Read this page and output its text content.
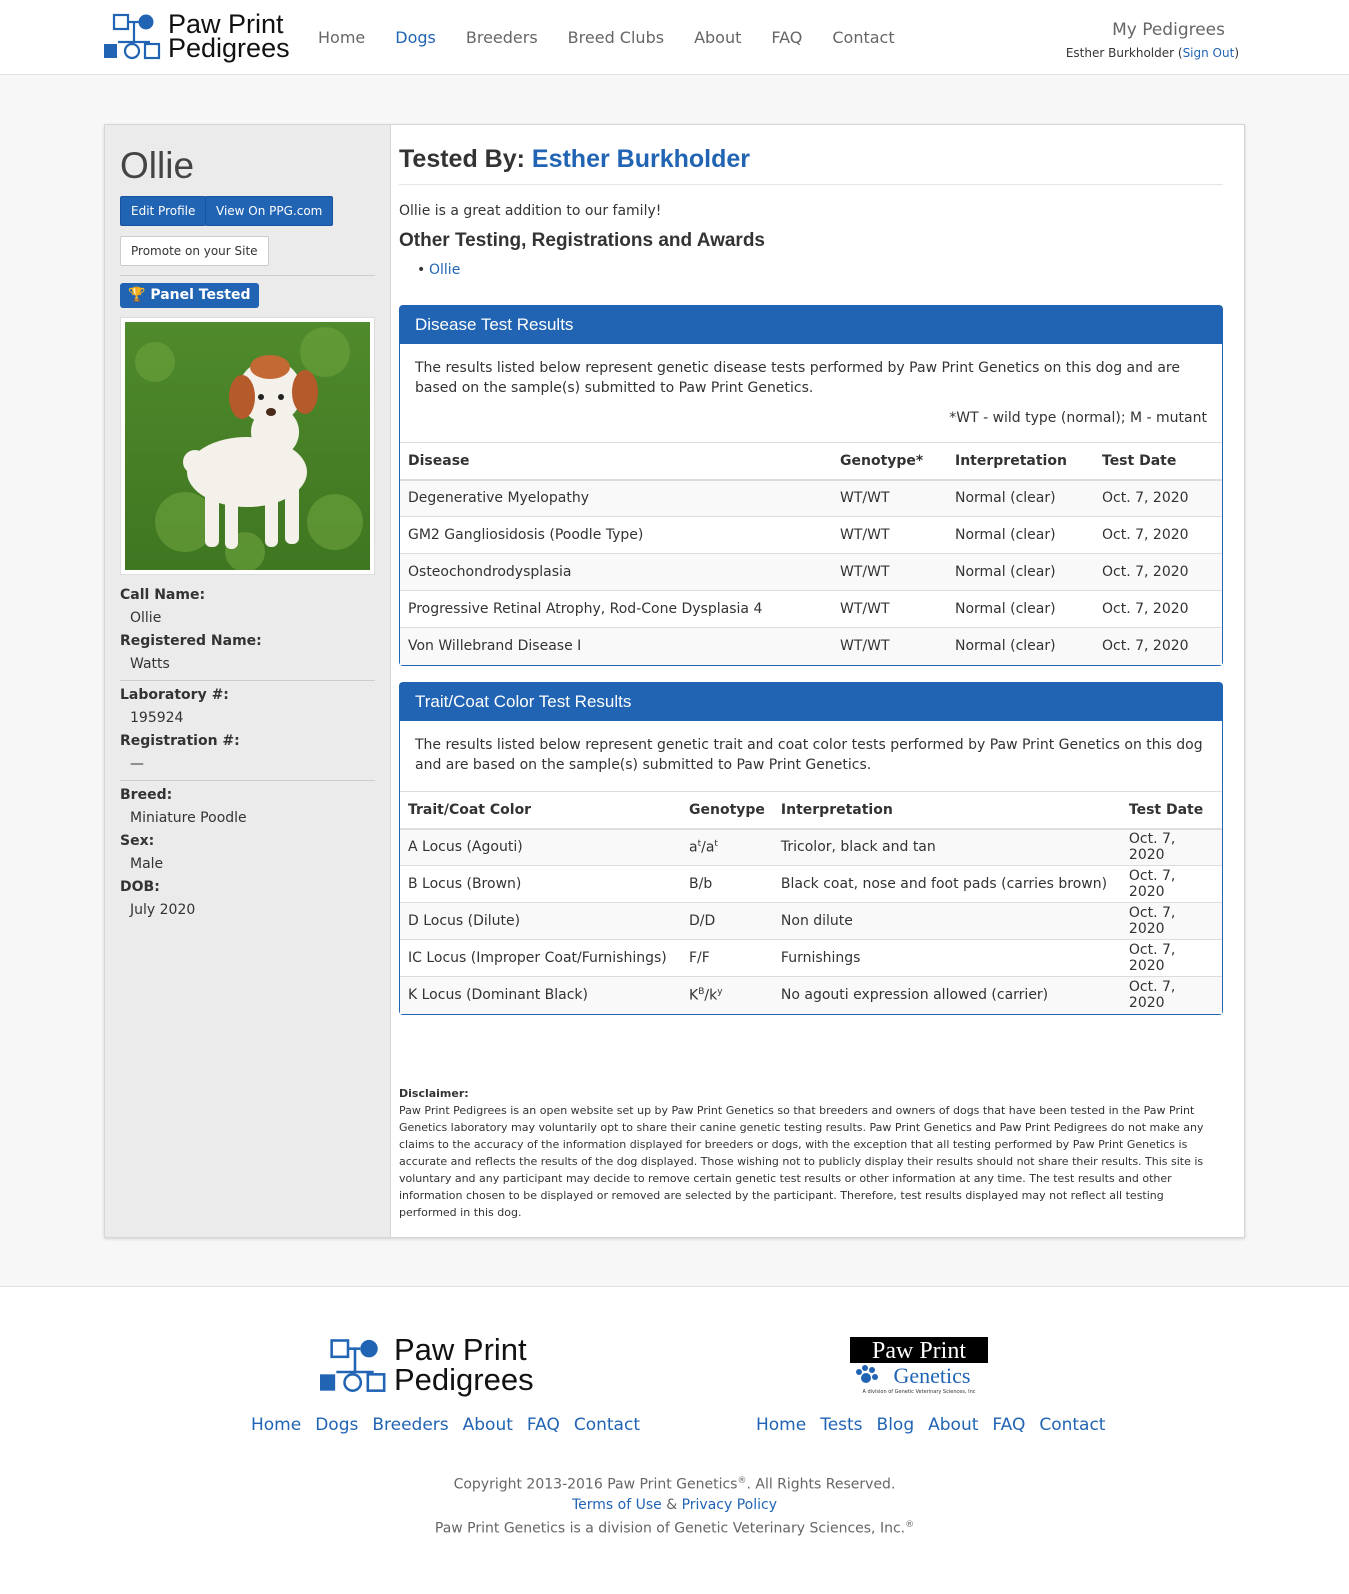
Paw Print
Pedigrees Home Dogs Breeders Breed Clubs About FAQ Contact	My Pedigrees
Esther Burkholder (Sign Out)
Ollie
Edit Profile	View On PPG.com
Promote on your Site
🏆 Panel Tested
Call Name:
Ollie
Registered Name:
Watts
Laboratory #:
195924
Registration #:
—
Breed:
Miniature Poodle
Sex:
Male
DOB:
July 2020
Tested By: Esther Burkholder

Ollie is a great addition to our family!

Other Testing, Registrations and Awards
• Ollie
Disease Test Results

The results listed below represent genetic disease tests performed by Paw Print Genetics on this dog and are based on the sample(s) submitted to Paw Print Genetics.

*WT - wild type (normal); M - mutant

Disease	Genotype*	Interpretation	Test Date
Degenerative Myelopathy	WT/WT	Normal (clear)	Oct. 7, 2020
GM2 Gangliosidosis (Poodle Type)	WT/WT	Normal (clear)	Oct. 7, 2020
Osteochondrodysplasia	WT/WT	Normal (clear)	Oct. 7, 2020
Progressive Retinal Atrophy, Rod-Cone Dysplasia 4	WT/WT	Normal (clear)	Oct. 7, 2020
Von Willebrand Disease I	WT/WT	Normal (clear)	Oct. 7, 2020
Trait/Coat Color Test Results

The results listed below represent genetic trait and coat color tests performed by Paw Print Genetics on this dog and are based on the sample(s) submitted to Paw Print Genetics.

Trait/Coat Color	Genotype	Interpretation	Test Date
A Locus (Agouti)	$a^t/a^t$	Tricolor, black and tan	Oct. 7, 2020
B Locus (Brown)	B/b	Black coat, nose and foot pads (carries brown)	Oct. 7, 2020
D Locus (Dilute)	D/D	Non dilute	Oct. 7, 2020
IC Locus (Improper Coat/Furnishings)	F/F	Furnishings	Oct. 7, 2020
K Locus (Dominant Black)	$K^B/k^y$	No agouti expression allowed (carrier)	Oct. 7, 2020
Disclaimer:
Paw Print Pedigrees is an open website set up by Paw Print Genetics so that breeders and owners of dogs that have been tested in the Paw Print Genetics laboratory may voluntarily opt to share their canine genetic testing results. Paw Print Genetics and Paw Print Pedigrees do not make any claims to the accuracy of the information displayed for breeders or dogs, with the exception that all testing performed by Paw Print Genetics is accurate and reflects the results of the dog displayed. Those wishing not to publicly display their results should not share their results. This site is voluntary and any participant may decide to remove certain genetic test results or other information at any time. The test results and other information chosen to be displayed or removed are selected by the participant. Therefore, test results displayed may not reflect all testing performed in this dog.
Paw Print
Pedigrees
Paw Print
Genetics
A division of Genetic Veterinary Sciences, Inc
Home Dogs Breeders About FAQ Contact	Home Tests Blog About FAQ Contact
Copyright 2013-2016 Paw Print Genetics®. All Rights Reserved.
Terms of Use & Privacy Policy
Paw Print Genetics is a division of Genetic Veterinary Sciences, Inc.®
